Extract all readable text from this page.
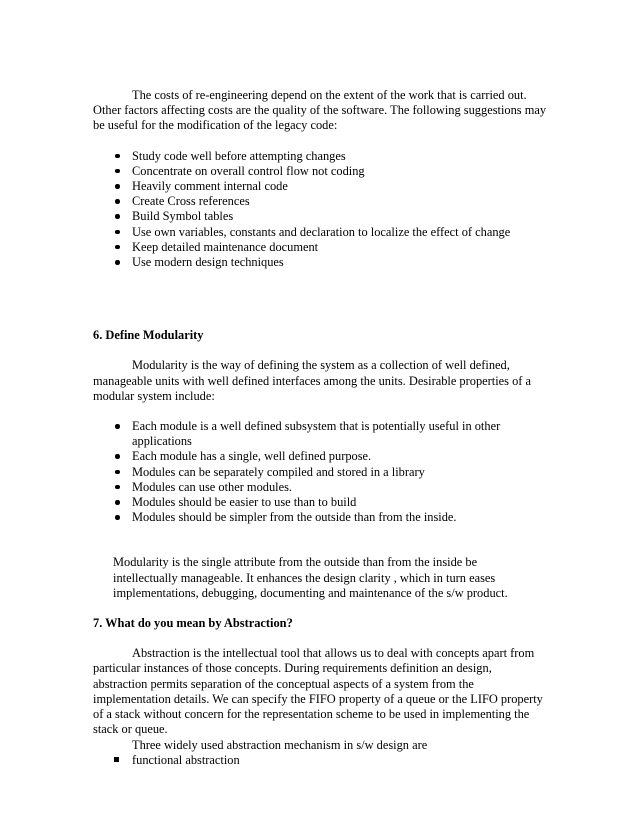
The costs of re-engineering depend on the extent of the work that is carried out. Other factors affecting costs are the quality of the software. The following suggestions may be useful for the modification of the legacy code:

Study code well before attempting changes
Concentrate on overall control flow not coding
Heavily comment internal code
Create Cross references
Build Symbol tables
Use own variables, constants and declaration to localize the effect of change
Keep detailed maintenance document
Use modern design techniques

6. Define Modularity

Modularity is the way of defining the system as a collection of well defined, manageable units with well defined interfaces among the units. Desirable properties of a modular system include:

Each module is a well defined subsystem that is potentially useful in other applications
Each module has a single, well defined purpose.
Modules can be separately compiled and stored in a library
Modules can use other modules.
Modules should be easier to use than to build
Modules should be simpler from the outside than from the inside.

Modularity is the single attribute from the outside than from the inside be intellectually manageable. It enhances the design clarity , which in turn eases implementations, debugging, documenting and maintenance of the s/w product.

7. What do you mean by Abstraction?

Abstraction is the intellectual tool that allows us to deal with concepts apart from particular instances of those concepts. During requirements definition an design, abstraction permits separation of the conceptual aspects of a system from the implementation details. We can specify the FIFO property of a queue or the LIFO property of a stack without concern for the representation scheme to be used in implementing the stack or queue.

Three widely used abstraction mechanism in s/w design are

functional abstraction
